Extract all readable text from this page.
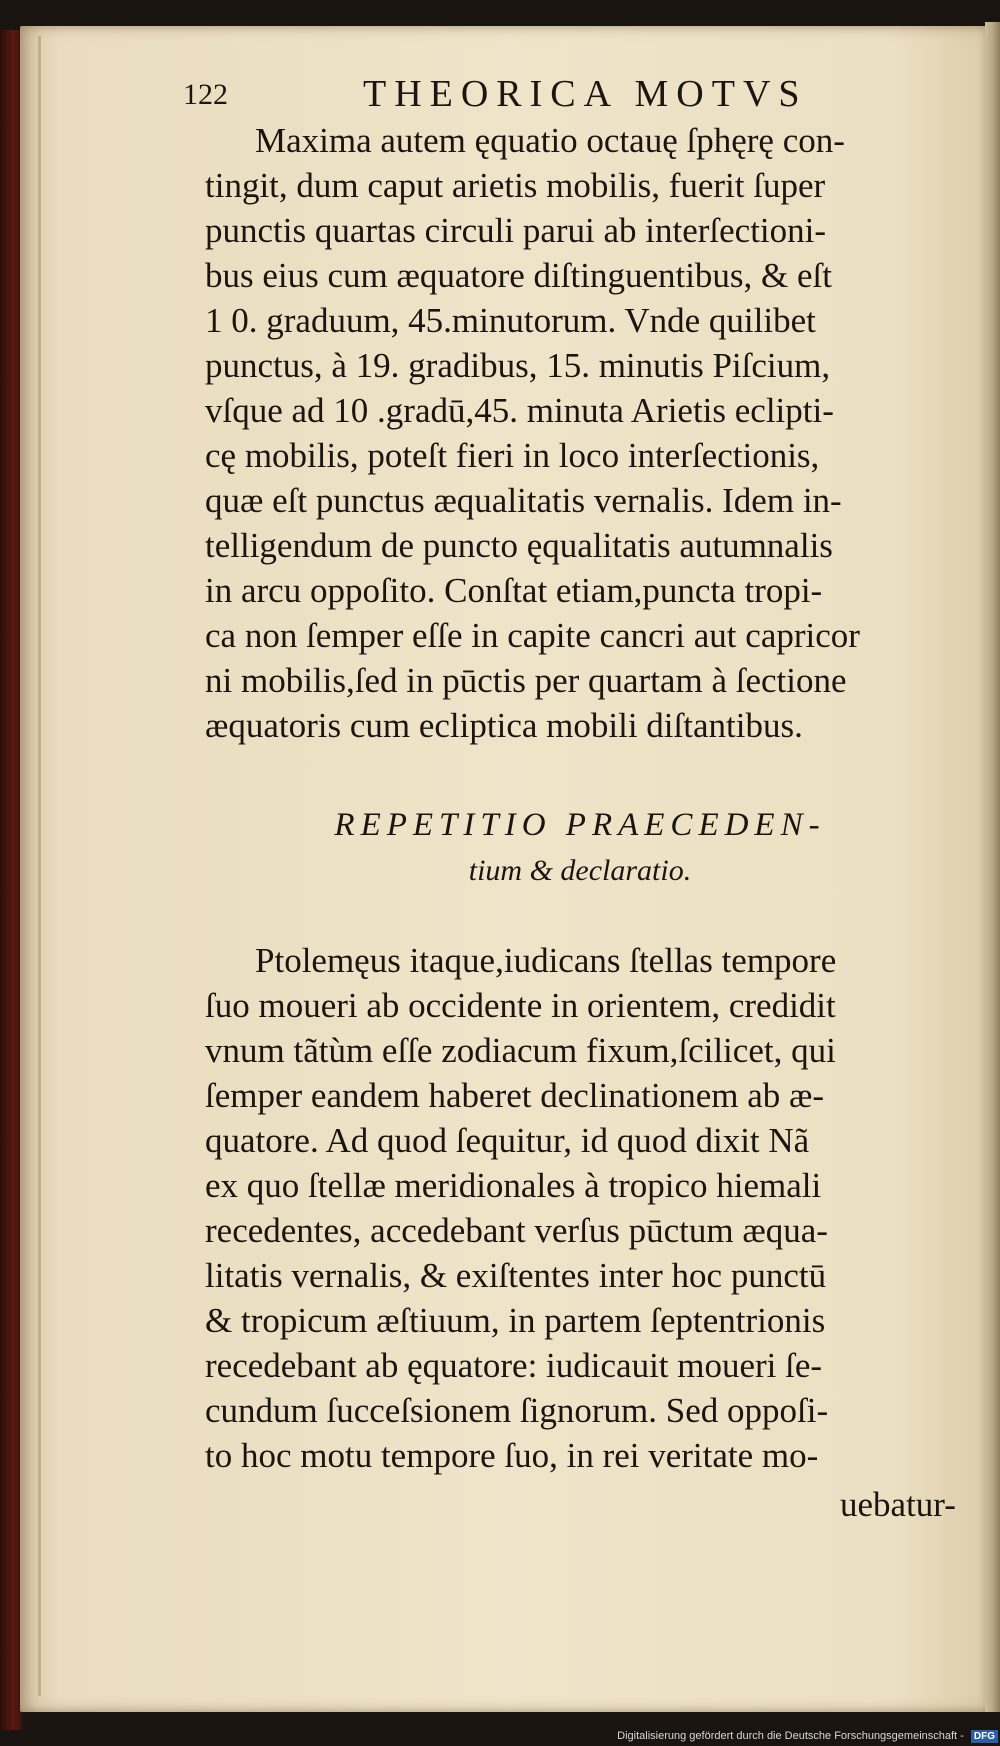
122	THEORICA MOTVS
Maxima autem ęquatio octauę ſphęrę con-
tingit, dum caput arietis mobilis, fuerit ſuper
punctis quartas circuli parui ab interſectioni-
bus eius cum æquatore diſtinguentibus, & eſt
1 0. graduum, 45.minutorum. Vnde quilibet
punctus, à 19. gradibus, 15. minutis Piſcium,
vſque ad 10 .gradū,45. minuta Arietis eclipti-
cę mobilis, poteſt fieri in loco interſectionis,
quæ eſt punctus æqualitatis vernalis. Idem in-
telligendum de puncto ęqualitatis autumnalis
in arcu oppoſito. Conſtat etiam,puncta tropi-
ca non ſemper eſſe in capite cancri aut capricor
ni mobilis,ſed in pūctis per quartam à ſectione
æquatoris cum ecliptica mobili diſtantibus.
REPETITIO PRAECEDEN-
tium & declaratio.
Ptolemęus itaque,iudicans ſtellas tempore
ſuo moueri ab occidente in orientem, credidit
vnum tãtùm eſſe zodiacum fixum,ſcilicet, qui
ſemper eandem haberet declinationem ab æ-
quatore. Ad quod ſequitur, id quod dixit Nã
ex quo ſtellæ meridionales à tropico hiemali
recedentes, accedebant verſus pūctum æqua-
litatis vernalis, & exiſtentes inter hoc punctū
& tropicum æſtiuum, in partem ſeptentrionis
recedebant ab ęquatore: iudicauit moueri ſe-
cundum ſucceſsionem ſignorum. Sed oppoſi-
to hoc motu tempore ſuo, in rei veritate mo-
uebatur-
Digitalisierung gefördert durch die Deutsche Forschungsgemeinschaft - DFG
